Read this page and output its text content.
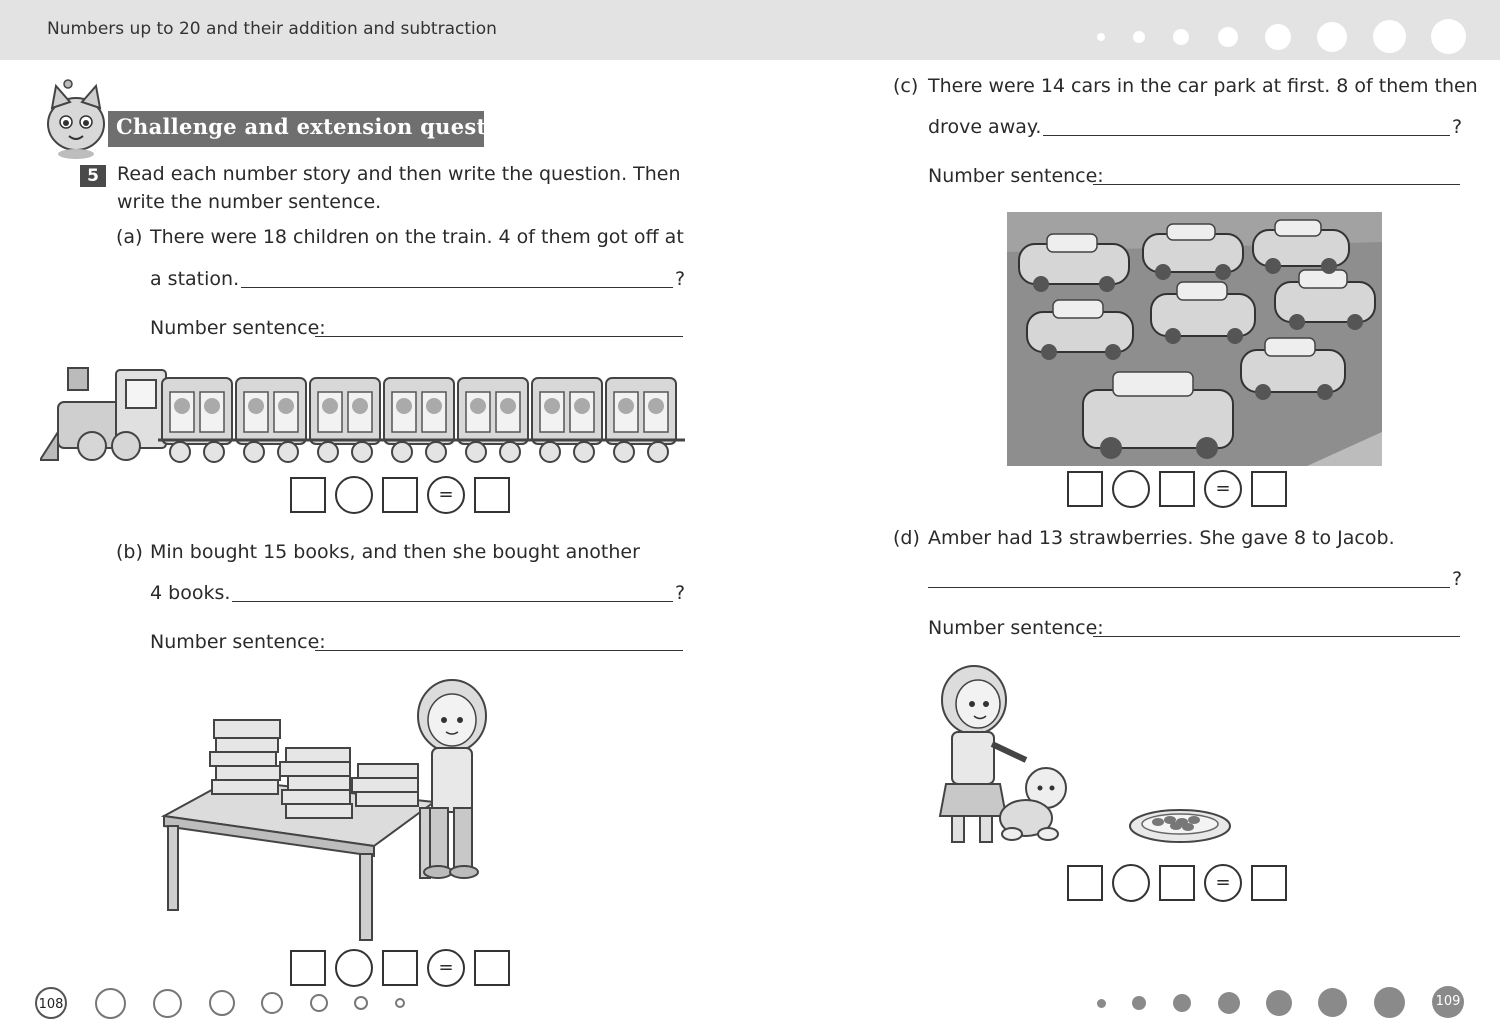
Numbers up to 20 and their addition and subtraction
Challenge and extension question
5 Read each number story and then write the question. Then
write the number sentence.
(a) There were 18 children on the train. 4 of them got off at
a station.	?
Number sentence:
=
(b) Min bought 15 books, and then she bought another
4 books.	?
Number sentence:
=
(c) There were 14 cars in the car park at first. 8 of them then
drove away.	?
Number sentence:
=
(d) Amber had 13 strawberries. She gave 8 to Jacob.
?
Number sentence:
=
108	109
